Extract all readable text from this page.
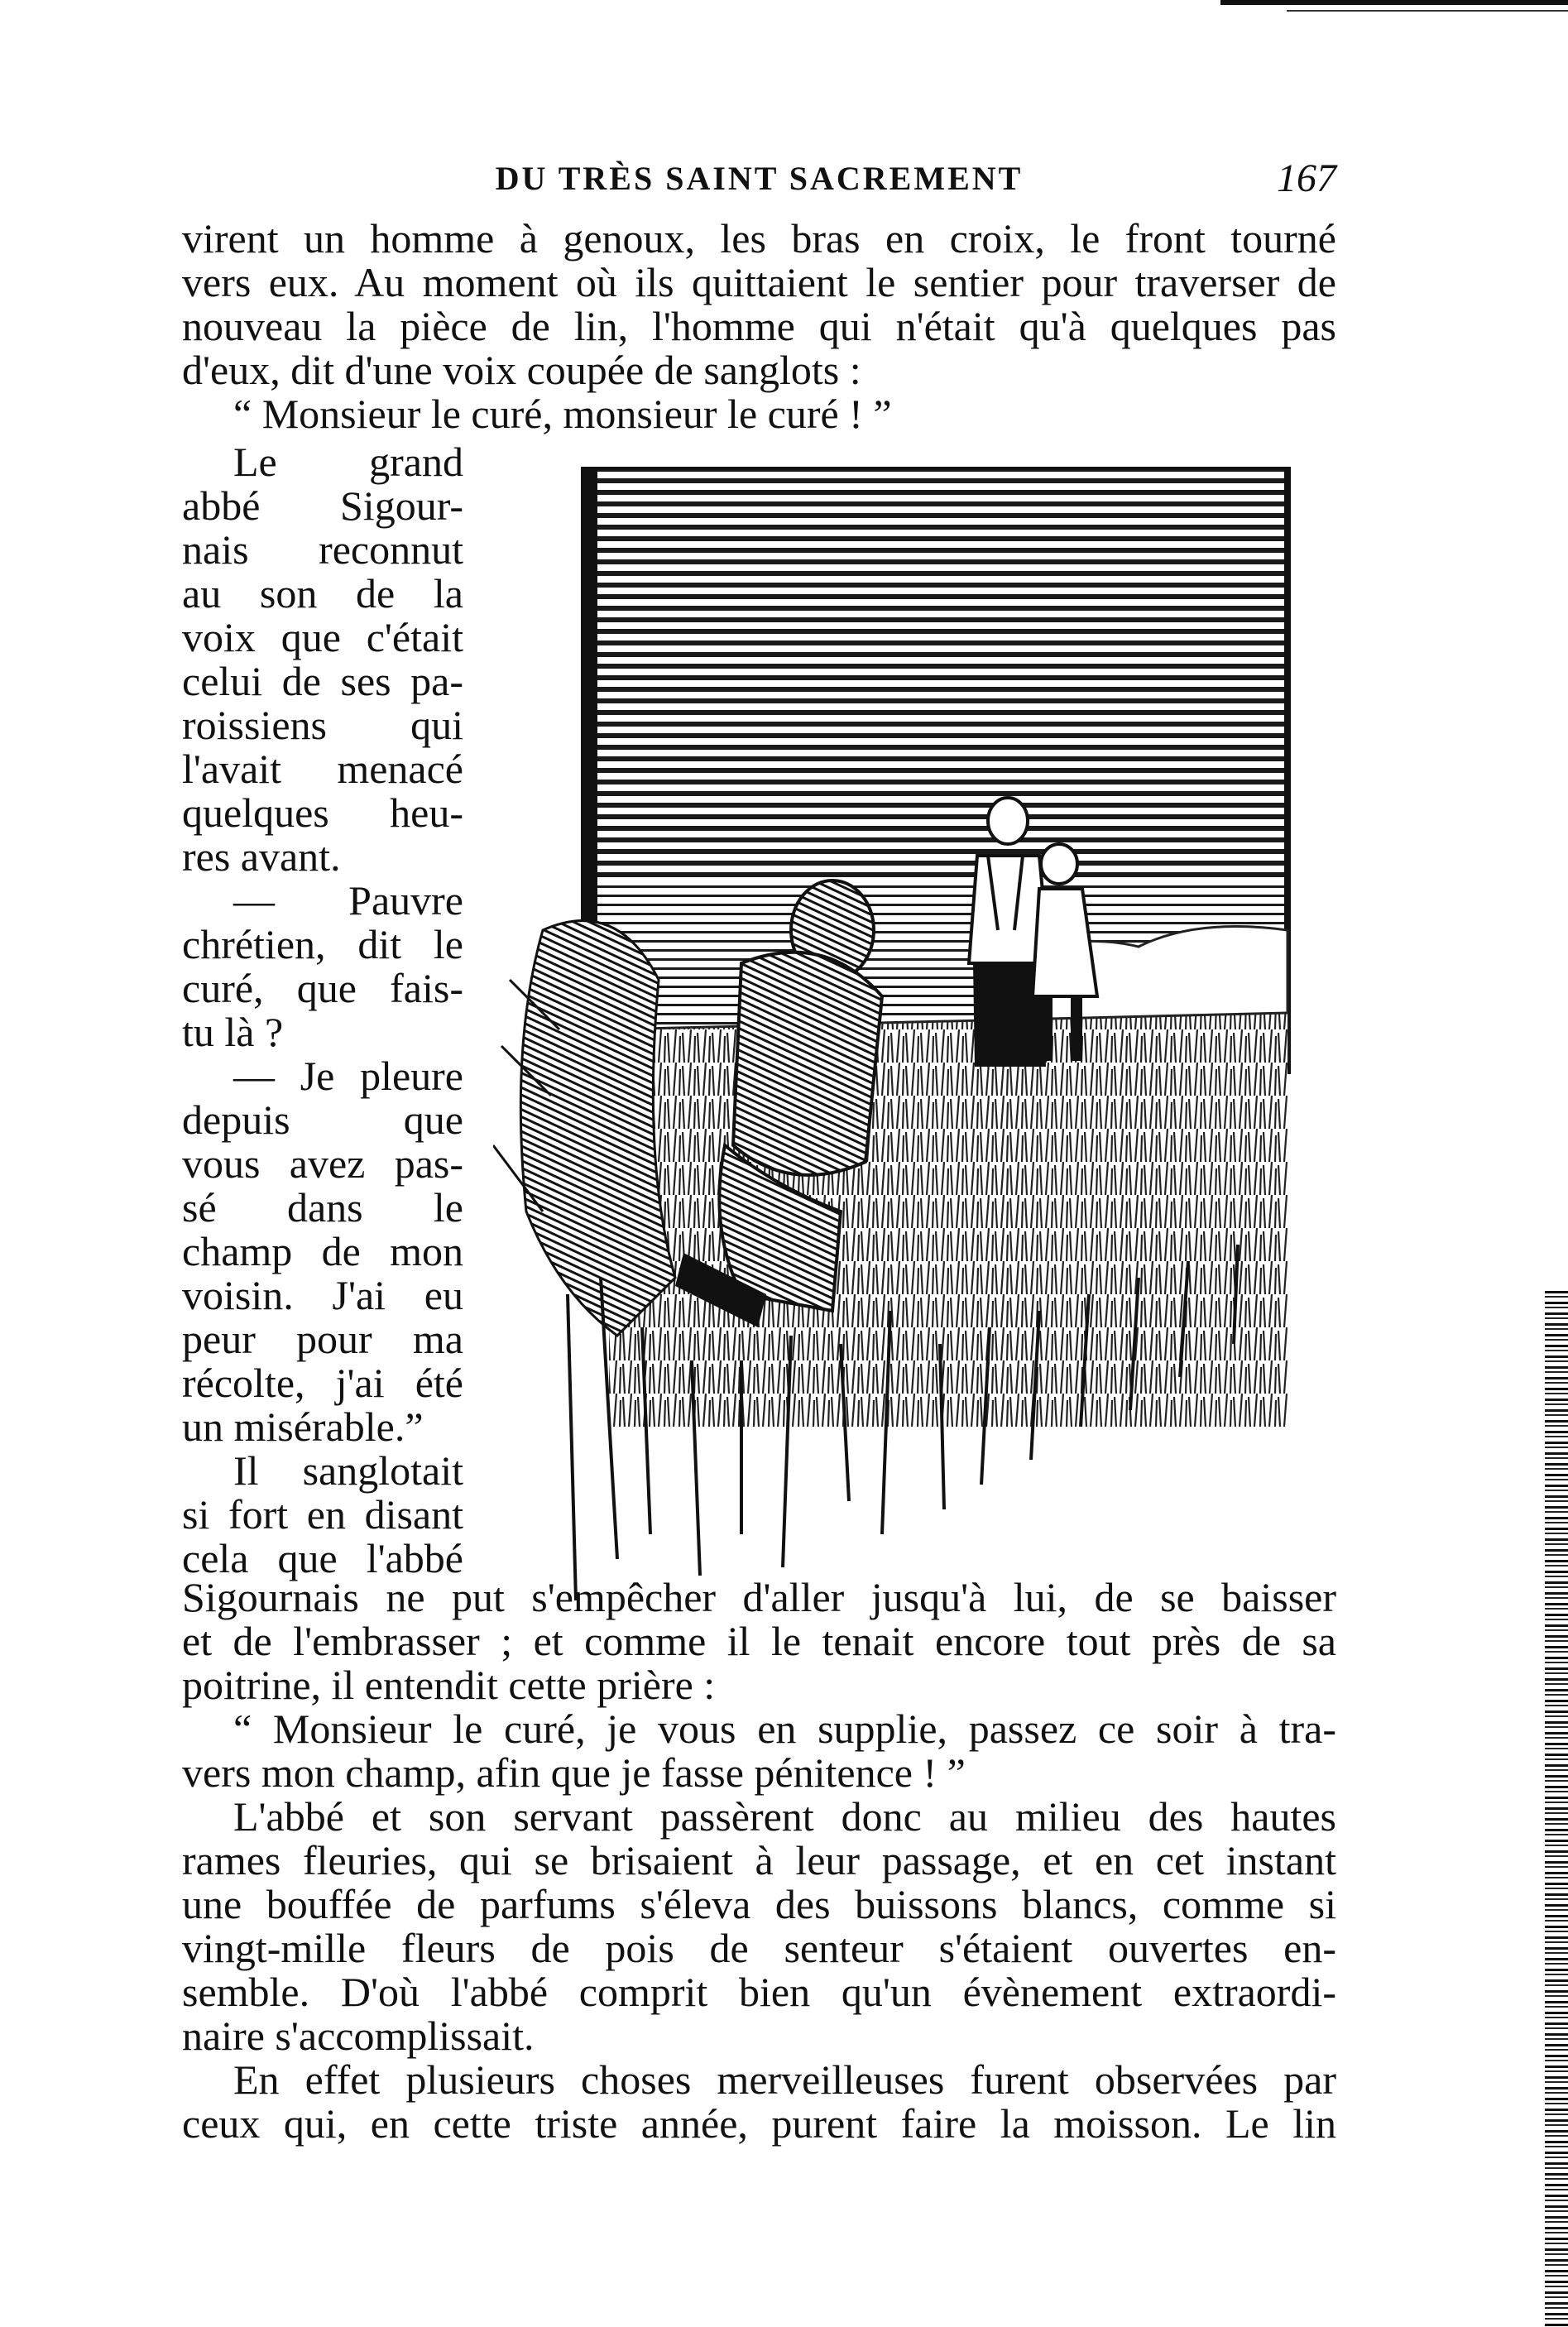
DU TRÈS SAINT SACREMENT	167
virent un homme à genoux, les bras en croix, le front tourné
vers eux. Au moment où ils quittaient le sentier pour traverser de
nouveau la pièce de lin, l'homme qui n'était qu'à quelques pas
d'eux, dit d'une voix coupée de sanglots :
“ Monsieur le curé, monsieur le curé ! ”
Le grand
abbé Sigour-
nais reconnut
au son de la
voix que c'était
celui de ses pa-
roissiens qui
l'avait menacé
quelques heu-
res avant.
— Pauvre
chrétien, dit le
curé, que fais-
tu là ?
— Je pleure
depuis que
vous avez pas-
sé dans le
champ de mon
voisin. J'ai eu
peur pour ma
récolte, j'ai été
un misérable.”
Il sanglotait
si fort en disant
cela que l'abbé
Sigournais ne put s'empêcher d'aller jusqu'à lui, de se baisser
et de l'embrasser ; et comme il le tenait encore tout près de sa
poitrine, il entendit cette prière :
“ Monsieur le curé, je vous en supplie, passez ce soir à tra-
vers mon champ, afin que je fasse pénitence ! ”
L'abbé et son servant passèrent donc au milieu des hautes
rames fleuries, qui se brisaient à leur passage, et en cet instant
une bouffée de parfums s'éleva des buissons blancs, comme si
vingt-mille fleurs de pois de senteur s'étaient ouvertes en-
semble. D'où l'abbé comprit bien qu'un évènement extraordi-
naire s'accomplissait.
En effet plusieurs choses merveilleuses furent observées par
ceux qui, en cette triste année, purent faire la moisson. Le lin
